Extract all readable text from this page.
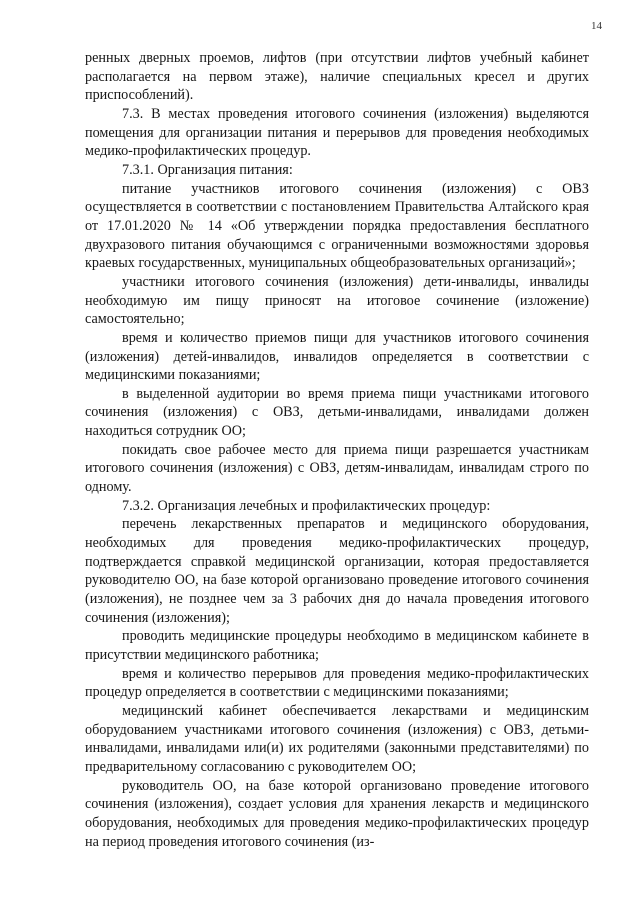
14

ренных дверных проемов, лифтов (при отсутствии лифтов учебный кабинет располагается на первом этаже), наличие специальных кресел и других приспособлений).

7.3. В местах проведения итогового сочинения (изложения) выделяются помещения для организации питания и перерывов для проведения необходимых медико-профилактических процедур.

7.3.1. Организация питания:

питание участников итогового сочинения (изложения) с ОВЗ осуществляется в соответствии с постановлением Правительства Алтайского края от 17.01.2020 № 14 «Об утверждении порядка предоставления бесплатного двухразового питания обучающимся с ограниченными возможностями здоровья краевых государственных, муниципальных общеобразовательных организаций»;

участники итогового сочинения (изложения) дети-инвалиды, инвалиды необходимую им пищу приносят на итоговое сочинение (изложение) самостоятельно;

время и количество приемов пищи для участников итогового сочинения (изложения) детей-инвалидов, инвалидов определяется в соответствии с медицинскими показаниями;

в выделенной аудитории во время приема пищи участниками итогового сочинения (изложения) с ОВЗ, детьми-инвалидами, инвалидами должен находиться сотрудник ОО;

покидать свое рабочее место для приема пищи разрешается участникам итогового сочинения (изложения) с ОВЗ, детям-инвалидам, инвалидам строго по одному.

7.3.2. Организация лечебных и профилактических процедур:

перечень лекарственных препаратов и медицинского оборудования, необходимых для проведения медико-профилактических процедур, подтверждается справкой медицинской организации, которая предоставляется руководителю ОО, на базе которой организовано проведение итогового сочинения (изложения), не позднее чем за 3 рабочих дня до начала проведения итогового сочинения (изложения);

проводить медицинские процедуры необходимо в медицинском кабинете в присутствии медицинского работника;

время и количество перерывов для проведения медико-профилактических процедур определяется в соответствии с медицинскими показаниями;

медицинский кабинет обеспечивается лекарствами и медицинским оборудованием участниками итогового сочинения (изложения) с ОВЗ, детьми-инвалидами, инвалидами или(и) их родителями (законными представителями) по предварительному согласованию с руководителем ОО;

руководитель ОО, на базе которой организовано проведение итогового сочинения (изложения), создает условия для хранения лекарств и медицинского оборудования, необходимых для проведения медико-профилактических процедур на период проведения итогового сочинения (из-
